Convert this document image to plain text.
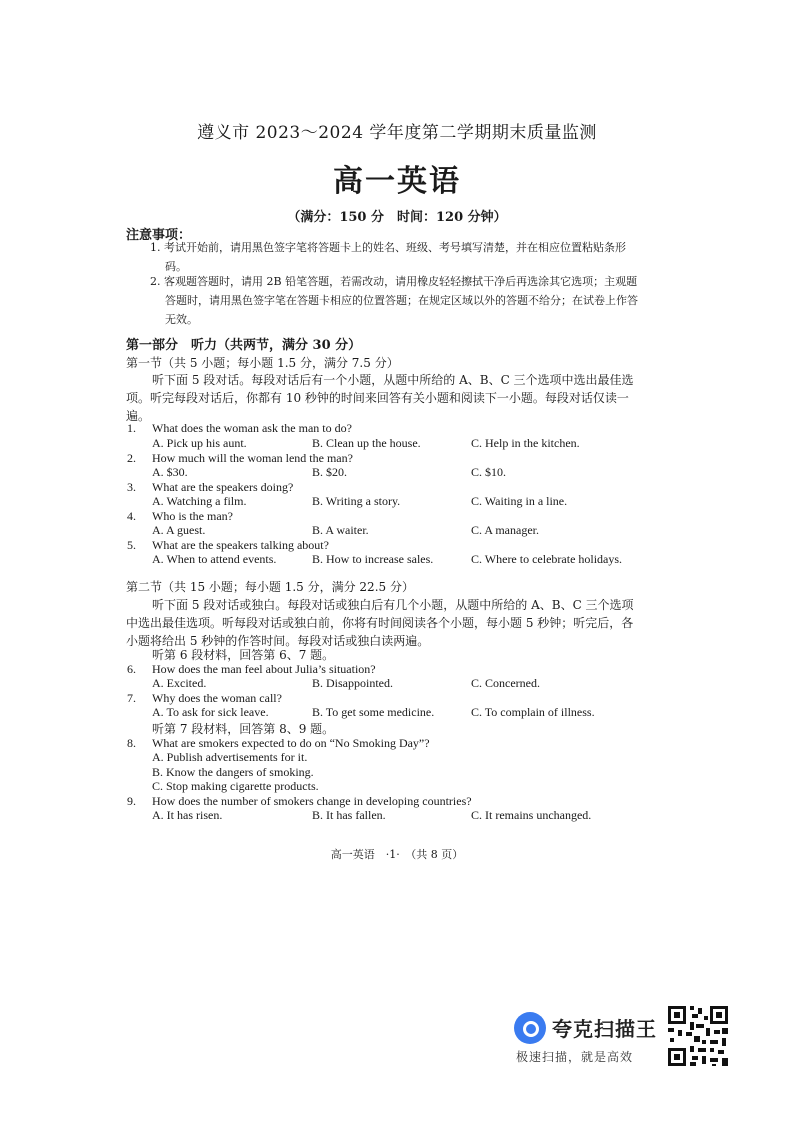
遵义市 2023～2024 学年度第二学期期末质量监测
高一英语
（满分：150 分　时间：120 分钟）
注意事项：
1. 考试开始前，请用黑色签字笔将答题卡上的姓名、班级、考号填写清楚，并在相应位置粘贴条形码。
2. 客观题答题时，请用 2B 铅笔答题，若需改动，请用橡皮轻轻擦拭干净后再选涂其它选项；主观题答题时，请用黑色签字笔在答题卡相应的位置答题；在规定区域以外的答题不给分；在试卷上作答无效。
第一部分　听力（共两节，满分 30 分）
第一节（共 5 小题；每小题 1.5 分，满分 7.5 分）
听下面 5 段对话。每段对话后有一个小题，从题中所给的 A、B、C 三个选项中选出最佳选项。听完每段对话后，你都有 10 秒钟的时间来回答有关小题和阅读下一小题。每段对话仅读一遍。
1. What does the woman ask the man to do?
A. Pick up his aunt.	B. Clean up the house.	C. Help in the kitchen.
2. How much will the woman lend the man?
A. $30.	B. $20.	C. $10.
3. What are the speakers doing?
A. Watching a film.	B. Writing a story.	C. Waiting in a line.
4. Who is the man?
A. A guest.	B. A waiter.	C. A manager.
5. What are the speakers talking about?
A. When to attend events.	B. How to increase sales.	C. Where to celebrate holidays.
第二节（共 15 小题；每小题 1.5 分，满分 22.5 分）
听下面 5 段对话或独白。每段对话或独白后有几个小题，从题中所给的 A、B、C 三个选项中选出最佳选项。听每段对话或独白前，你将有时间阅读各个小题，每小题 5 秒钟；听完后，各小题将给出 5 秒钟的作答时间。每段对话或独白读两遍。
听第 6 段材料，回答第 6、7 题。
6. How does the man feel about Julia’s situation?
A. Excited.	B. Disappointed.	C. Concerned.
7. Why does the woman call?
A. To ask for sick leave.	B. To get some medicine.	C. To complain of illness.
听第 7 段材料，回答第 8、9 题。
8. What are smokers expected to do on “No Smoking Day”?
A. Publish advertisements for it.
B. Know the dangers of smoking.
C. Stop making cigarette products.
9. How does the number of smokers change in developing countries?
A. It has risen.	B. It has fallen.	C. It remains unchanged.
高一英语　·1·　（共 8 页）
夸克扫描王
极速扫描，就是高效
